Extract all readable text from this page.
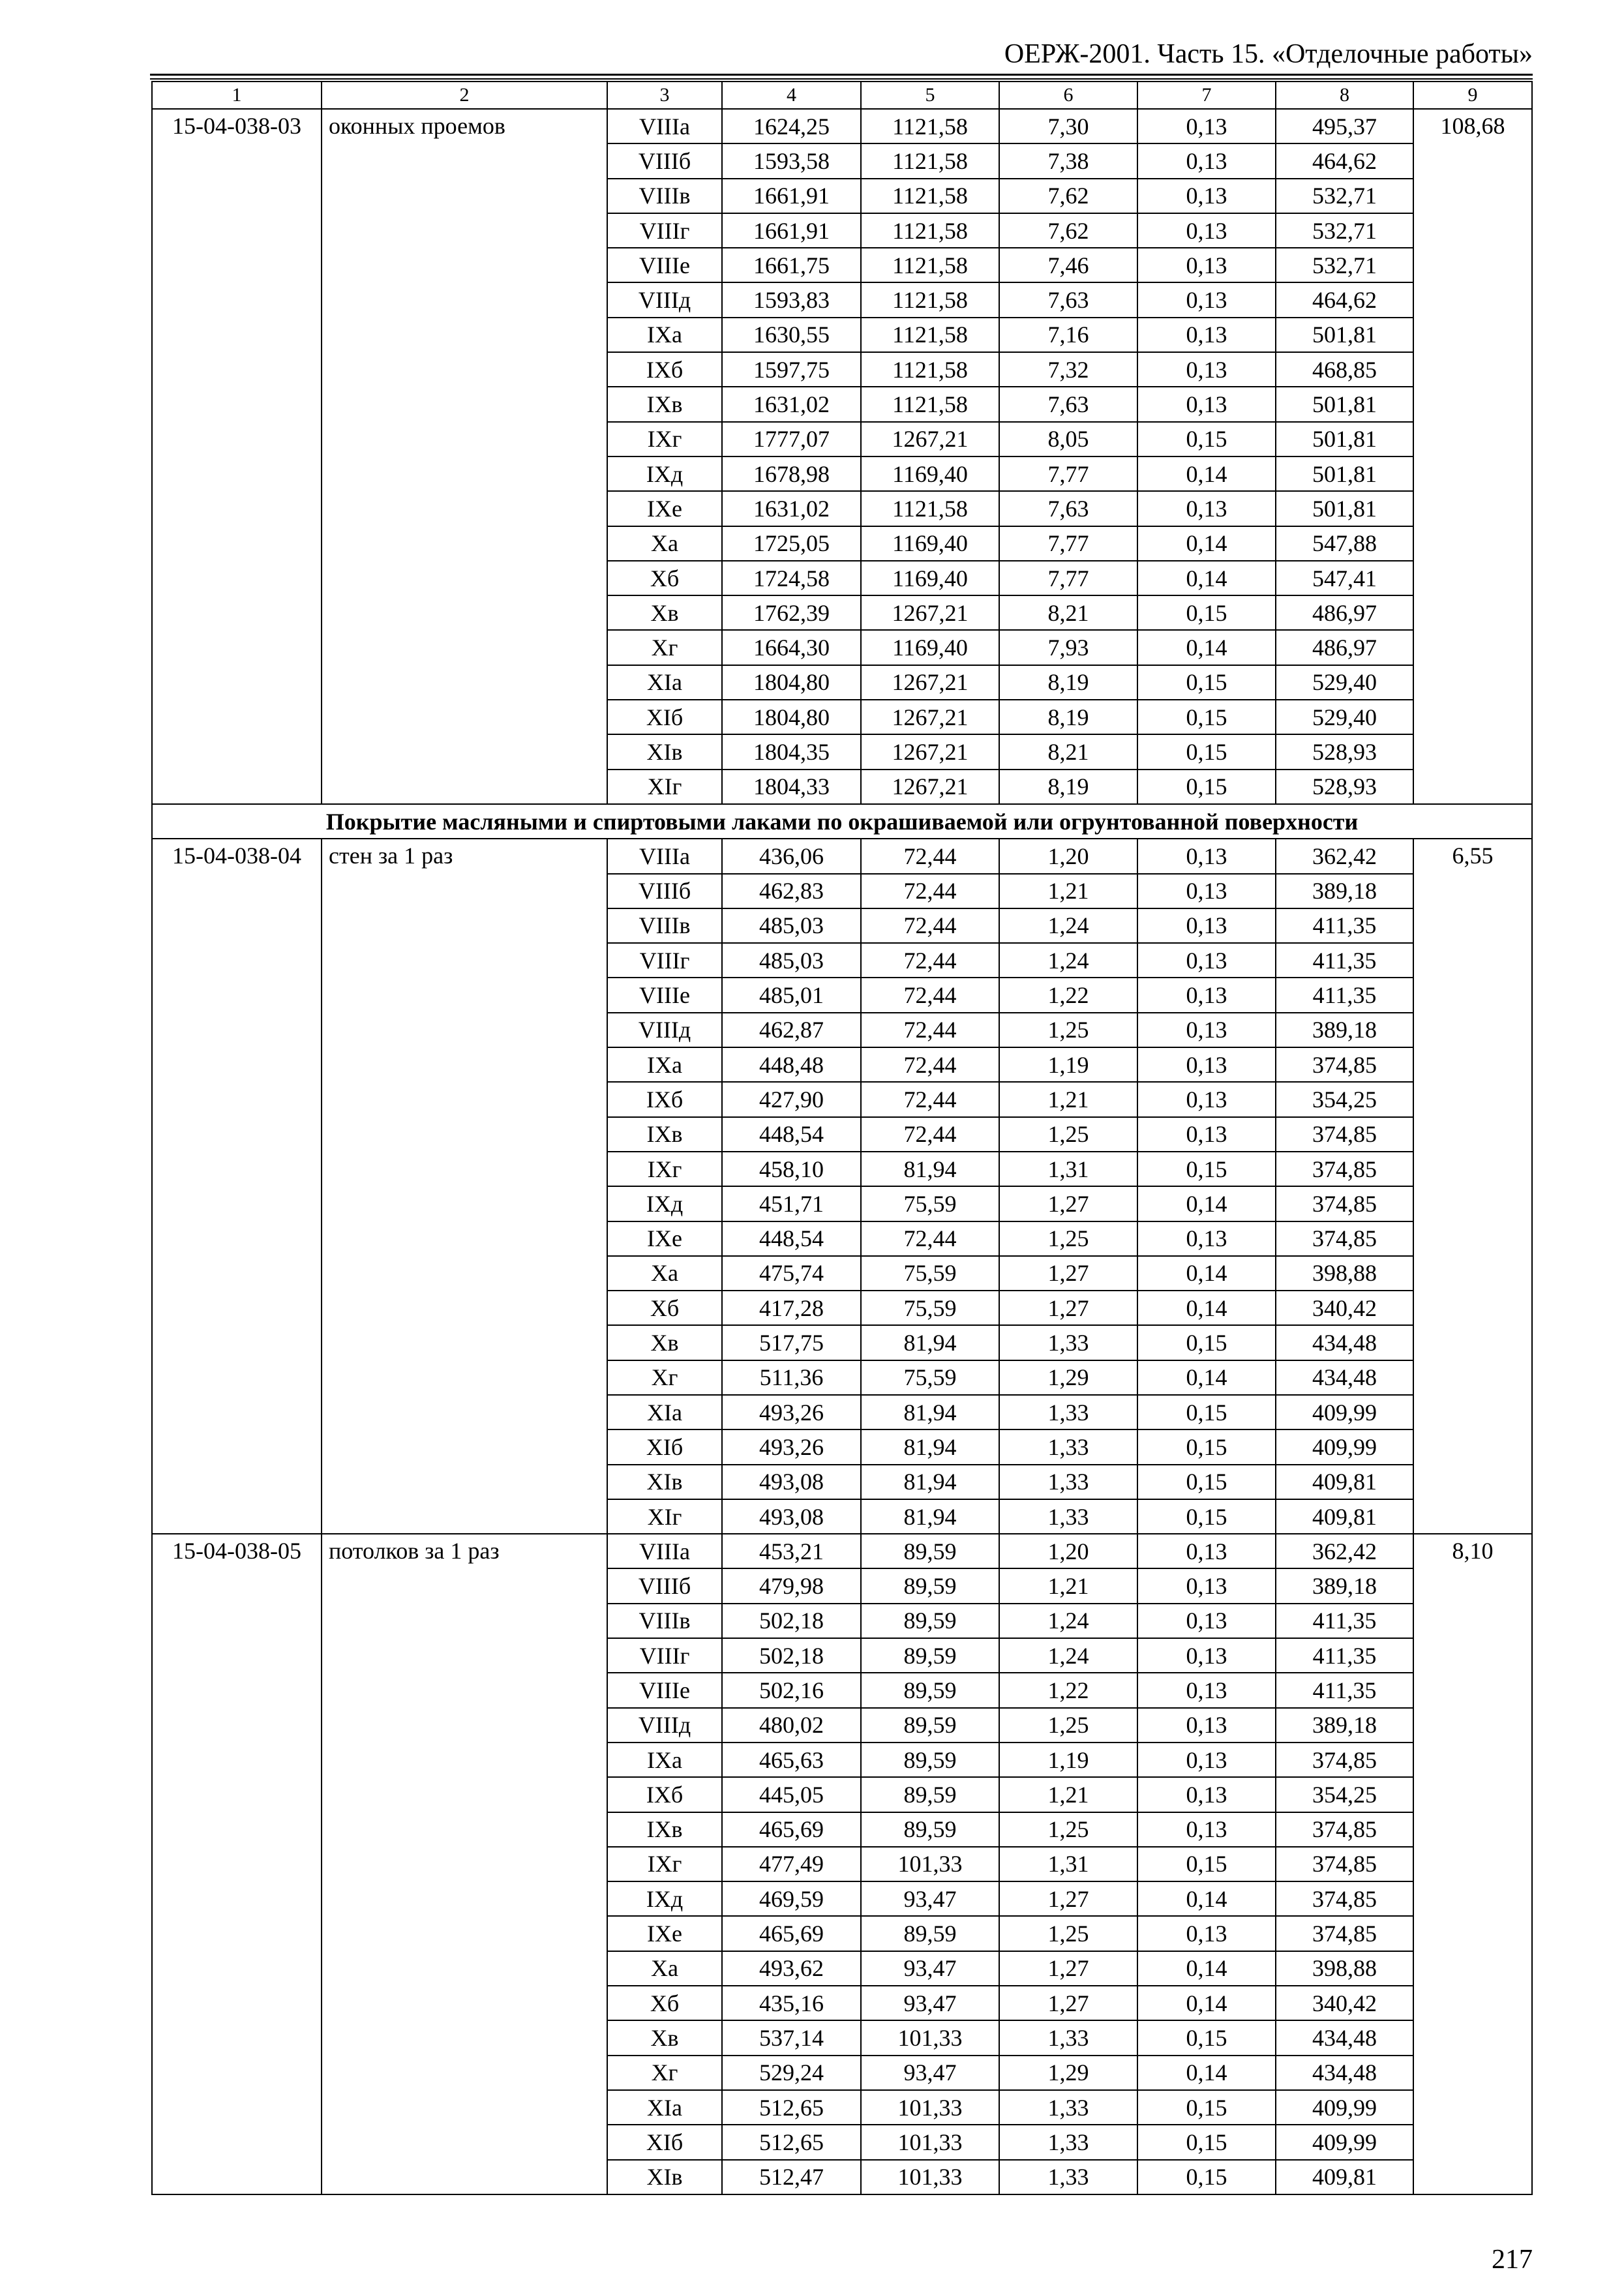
ОЕРЖ-2001. Часть 15. «Отделочные работы»
1	2	3	4	5	6	7	8	9
15-04-038-03	оконных проемов	VIIIа	1624,25	1121,58	7,30	0,13	495,37	108,68
		VIIIб	1593,58	1121,58	7,38	0,13	464,62	
		VIIIв	1661,91	1121,58	7,62	0,13	532,71	
		VIIIг	1661,91	1121,58	7,62	0,13	532,71	
		VIIIе	1661,75	1121,58	7,46	0,13	532,71	
		VIIIд	1593,83	1121,58	7,63	0,13	464,62	
		IXа	1630,55	1121,58	7,16	0,13	501,81	
		IXб	1597,75	1121,58	7,32	0,13	468,85	
		IXв	1631,02	1121,58	7,63	0,13	501,81	
		IXг	1777,07	1267,21	8,05	0,15	501,81	
		IXд	1678,98	1169,40	7,77	0,14	501,81	
		IXе	1631,02	1121,58	7,63	0,13	501,81	
		Xа	1725,05	1169,40	7,77	0,14	547,88	
		Xб	1724,58	1169,40	7,77	0,14	547,41	
		Xв	1762,39	1267,21	8,21	0,15	486,97	
		Xг	1664,30	1169,40	7,93	0,14	486,97	
		XIа	1804,80	1267,21	8,19	0,15	529,40	
		XIб	1804,80	1267,21	8,19	0,15	529,40	
		XIв	1804,35	1267,21	8,21	0,15	528,93	
		XIг	1804,33	1267,21	8,19	0,15	528,93	
Покрытие масляными и спиртовыми лаками по окрашиваемой или огрунтованной поверхности								
15-04-038-04	стен за 1 раз	VIIIа	436,06	72,44	1,20	0,13	362,42	6,55
		VIIIб	462,83	72,44	1,21	0,13	389,18	
		VIIIв	485,03	72,44	1,24	0,13	411,35	
		VIIIг	485,03	72,44	1,24	0,13	411,35	
		VIIIе	485,01	72,44	1,22	0,13	411,35	
		VIIIд	462,87	72,44	1,25	0,13	389,18	
		IXа	448,48	72,44	1,19	0,13	374,85	
		IXб	427,90	72,44	1,21	0,13	354,25	
		IXв	448,54	72,44	1,25	0,13	374,85	
		IXг	458,10	81,94	1,31	0,15	374,85	
		IXд	451,71	75,59	1,27	0,14	374,85	
		IXе	448,54	72,44	1,25	0,13	374,85	
		Xа	475,74	75,59	1,27	0,14	398,88	
		Xб	417,28	75,59	1,27	0,14	340,42	
		Xв	517,75	81,94	1,33	0,15	434,48	
		Xг	511,36	75,59	1,29	0,14	434,48	
		XIа	493,26	81,94	1,33	0,15	409,99	
		XIб	493,26	81,94	1,33	0,15	409,99	
		XIв	493,08	81,94	1,33	0,15	409,81	
		XIг	493,08	81,94	1,33	0,15	409,81	
15-04-038-05	потолков за 1 раз	VIIIа	453,21	89,59	1,20	0,13	362,42	8,10
		VIIIб	479,98	89,59	1,21	0,13	389,18	
		VIIIв	502,18	89,59	1,24	0,13	411,35	
		VIIIг	502,18	89,59	1,24	0,13	411,35	
		VIIIе	502,16	89,59	1,22	0,13	411,35	
		VIIIд	480,02	89,59	1,25	0,13	389,18	
		IXа	465,63	89,59	1,19	0,13	374,85	
		IXб	445,05	89,59	1,21	0,13	354,25	
		IXв	465,69	89,59	1,25	0,13	374,85	
		IXг	477,49	101,33	1,31	0,15	374,85	
		IXд	469,59	93,47	1,27	0,14	374,85	
		IXе	465,69	89,59	1,25	0,13	374,85	
		Xа	493,62	93,47	1,27	0,14	398,88	
		Xб	435,16	93,47	1,27	0,14	340,42	
		Xв	537,14	101,33	1,33	0,15	434,48	
		Xг	529,24	93,47	1,29	0,14	434,48	
		XIа	512,65	101,33	1,33	0,15	409,99	
		XIб	512,65	101,33	1,33	0,15	409,99	
		XIв	512,47	101,33	1,33	0,15	409,81	
217
